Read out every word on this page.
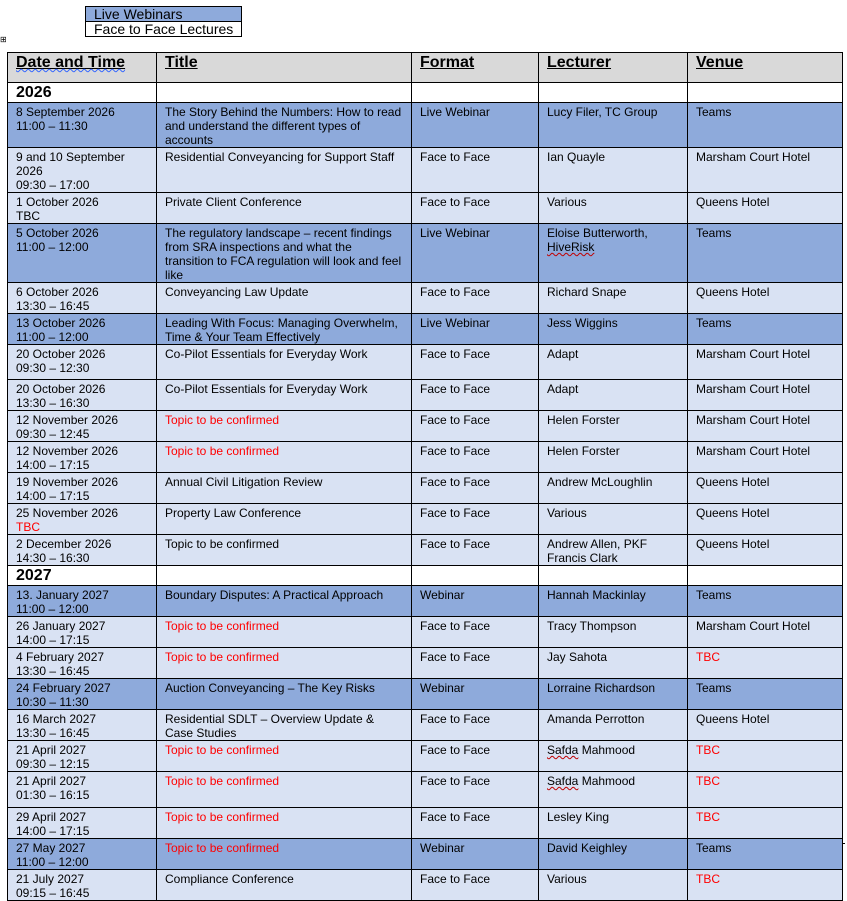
Live Webinars
Face to Face Lectures
⊞
Date and Time	Title	Format	Lecturer	Venue
2026				

8 September 2026
11:00 – 11:30	The Story Behind the Numbers: How to read and understand the different types of accounts	Live Webinar	Lucy Filer, TC Group	Teams

9 and 10 September 2026
09:30 – 17:00	Residential Conveyancing for Support Staff	Face to Face	Ian Quayle	Marsham Court Hotel

1 October 2026
TBC	Private Client Conference	Face to Face	Various	Queens Hotel

5 October 2026
11:00 – 12:00	The regulatory landscape – recent findings from SRA inspections and what the transition to FCA regulation will look and feel like	Live Webinar	Eloise Butterworth, HiveRisk	Teams

6 October 2026
13:30 – 16:45	Conveyancing Law Update	Face to Face	Richard Snape	Queens Hotel

13 October 2026
11:00 – 12:00	Leading With Focus: Managing Overwhelm, Time & Your Team Effectively	Live Webinar	Jess Wiggins	Teams

20 October 2026
09:30 – 12:30	Co-Pilot Essentials for Everyday Work	Face to Face	Adapt	Marsham Court Hotel

20 October 2026
13:30 – 16:30	Co-Pilot Essentials for Everyday Work	Face to Face	Adapt	Marsham Court Hotel

12 November 2026
09:30 – 12:45	Topic to be confirmed	Face to Face	Helen Forster	Marsham Court Hotel

12 November 2026
14:00 – 17:15	Topic to be confirmed	Face to Face	Helen Forster	Marsham Court Hotel

19 November 2026
14:00 – 17:15	Annual Civil Litigation Review	Face to Face	Andrew McLoughlin	Queens Hotel

25 November 2026
TBC	Property Law Conference	Face to Face	Various	Queens Hotel

2 December 2026
14:30 – 16:30	Topic to be confirmed	Face to Face	Andrew Allen, PKF Francis Clark	Queens Hotel
2027				

13. January 2027
11:00 – 12:00	Boundary Disputes: A Practical Approach	Webinar	Hannah Mackinlay	Teams

26 January 2027
14:00 – 17:15	Topic to be confirmed	Face to Face	Tracy Thompson	Marsham Court Hotel

4 February 2027
13:30 – 16:45	Topic to be confirmed	Face to Face	Jay Sahota	TBC

24 February 2027
10:30 – 11:30	Auction Conveyancing – The Key Risks	Webinar	Lorraine Richardson	Teams

16 March 2027
13:30 – 16:45	Residential SDLT – Overview Update & Case Studies	Face to Face	Amanda Perrotton	Queens Hotel

21 April 2027
09:30 – 12:15	Topic to be confirmed	Face to Face	Safda Mahmood	TBC

21 April 2027
01:30 – 16:15	Topic to be confirmed	Face to Face	Safda Mahmood	TBC

29 April 2027
14:00 – 17:15	Topic to be confirmed	Face to Face	Lesley King	TBC

27 May 2027
11:00 – 12:00	Topic to be confirmed	Webinar	David Keighley	Teams

21 July 2027
09:15 – 16:45	Compliance Conference	Face to Face	Various	TBC
